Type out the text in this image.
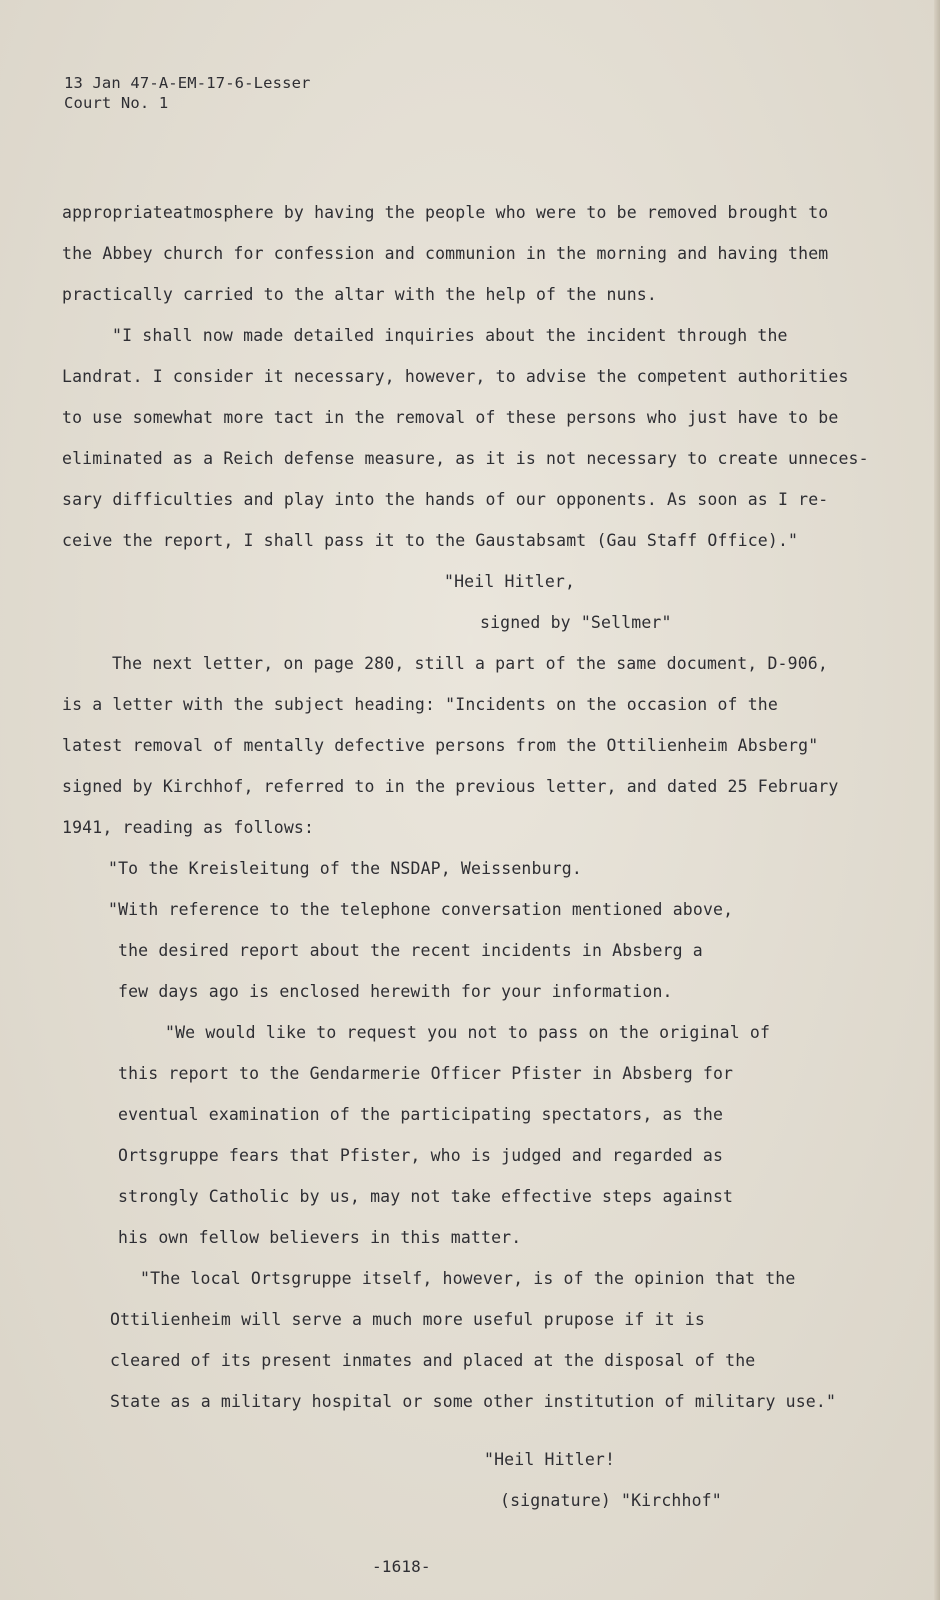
13 Jan 47-A-EM-17-6-Lesser
Court No. 1
appropriateatmosphere by having the people who were to be removed brought to
the Abbey church for confession and communion in the morning and having them
practically carried to the altar with the help of the nuns.
"I shall now made detailed inquiries about the incident through the
Landrat. I consider it necessary, however, to advise the competent authorities
to use somewhat more tact in the removal of these persons who just have to be
eliminated as a Reich defense measure, as it is not necessary to create unneces-
sary difficulties and play into the hands of our opponents. As soon as I re-
ceive the report, I shall pass it to the Gaustabsamt (Gau Staff Office)."
"Heil Hitler,
signed by "Sellmer"
The next letter, on page 280, still a part of the same document, D-906,
is a letter with the subject heading: "Incidents on the occasion of the
latest removal of mentally defective persons from the Ottilienheim Absberg"
signed by Kirchhof, referred to in the previous letter, and dated 25 February
1941, reading as follows:
"To the Kreisleitung of the NSDAP, Weissenburg.
"With reference to the telephone conversation mentioned above,
the desired report about the recent incidents in Absberg a
few days ago is enclosed herewith for your information.
"We would like to request you not to pass on the original of
this report to the Gendarmerie Officer Pfister in Absberg for
eventual examination of the participating spectators, as the
Ortsgruppe fears that Pfister, who is judged and regarded as
strongly Catholic by us, may not take effective steps against
his own fellow believers in this matter.
"The local Ortsgruppe itself, however, is of the opinion that the
Ottilienheim will serve a much more useful prupose if it is
cleared of its present inmates and placed at the disposal of the
State as a military hospital or some other institution of military use."
"Heil Hitler!
(signature) "Kirchhof"
-1618-
